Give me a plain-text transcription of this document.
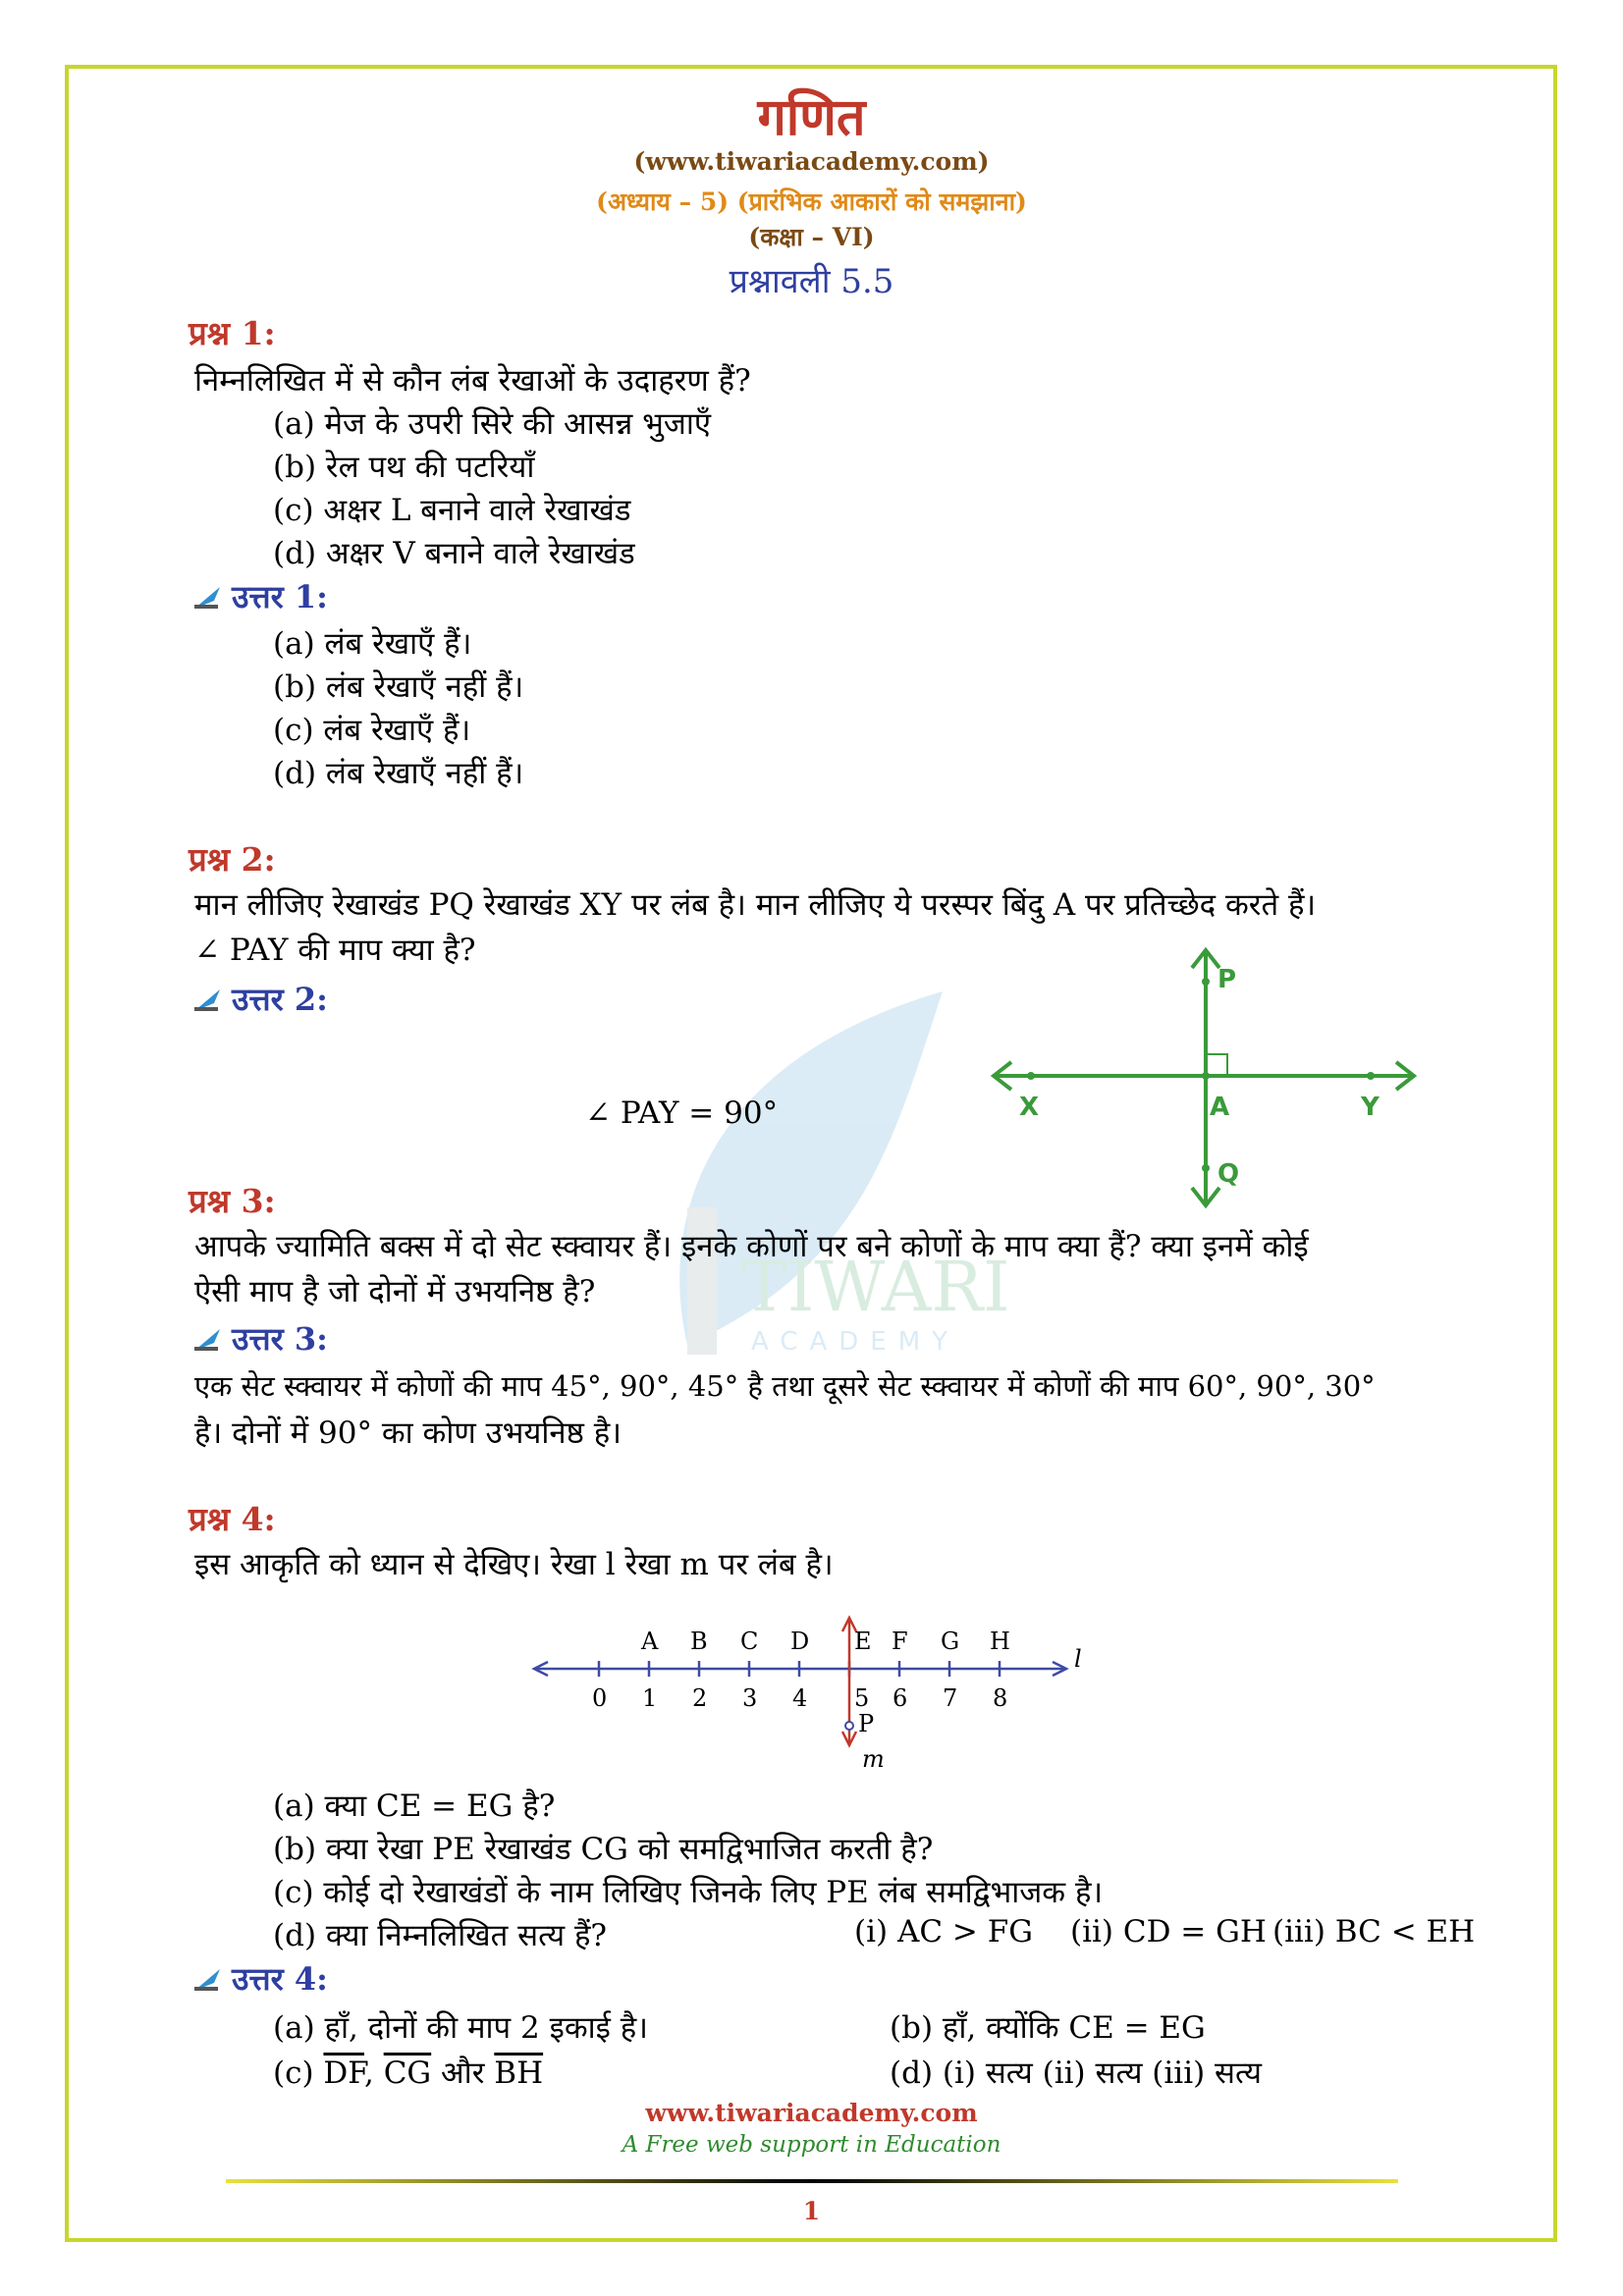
TIWARI
ACADEMY
गणित
(www.tiwariacademy.com)
(अध्याय – 5) (प्रारंभिक आकारों को समझाना)
(कक्षा – VI)
प्रश्नावली 5.5
प्रश्न 1:
निम्नलिखित में से कौन लंब रेखाओं के उदाहरण हैं?
(a) मेज के उपरी सिरे की आसन्न भुजाएँ
(b) रेल पथ की पटरियाँ
(c) अक्षर L बनाने वाले रेखाखंड
(d) अक्षर V बनाने वाले रेखाखंड
उत्तर 1:
(a) लंब रेखाएँ हैं।
(b) लंब रेखाएँ नहीं हैं।
(c) लंब रेखाएँ हैं।
(d) लंब रेखाएँ नहीं हैं।
प्रश्न 2:
मान लीजिए रेखाखंड PQ रेखाखंड XY पर लंब है। मान लीजिए ये परस्पर बिंदु A पर प्रतिच्छेद करते हैं।
∠ PAY की माप क्या है?
उत्तर 2:
∠ PAY = 90°
P
Q
X	Y
A
प्रश्न 3:
आपके ज्यामिति बक्स में दो सेट स्क्वायर हैं। इनके कोणों पर बने कोणों के माप क्या हैं? क्या इनमें कोई
ऐसी माप है जो दोनों में उभयनिष्ठ है?
उत्तर 3:
एक सेट स्क्वायर में कोणों की माप 45°, 90°, 45° है तथा दूसरे सेट स्क्वायर में कोणों की माप 60°, 90°, 30°
है। दोनों में 90° का कोण उभयनिष्ठ है।
प्रश्न 4:
इस आकृति को ध्यान से देखिए। रेखा l रेखा m पर लंब है।
A B C D E F G H
0 1 2 3 4 5 6 7 8
P
l
m
(a) क्या CE = EG है?
(b) क्या रेखा PE रेखाखंड CG को समद्विभाजित करती है?
(c) कोई दो रेखाखंडों के नाम लिखिए जिनके लिए PE लंब समद्विभाजक है।
(d) क्या निम्नलिखित सत्य हैं?	(i) AC > FG (ii) CD = GH (iii) BC < EH
उत्तर 4:
(a) हाँ, दोनों की माप 2 इकाई है।	(b) हाँ, क्योंकि CE = EG
(c) $\overline{DF}$, $\overline{CG}$ और $\overline{BH}$	(d) (i) सत्य (ii) सत्य (iii) सत्य
www.tiwariacademy.com
A Free web support in Education
1
